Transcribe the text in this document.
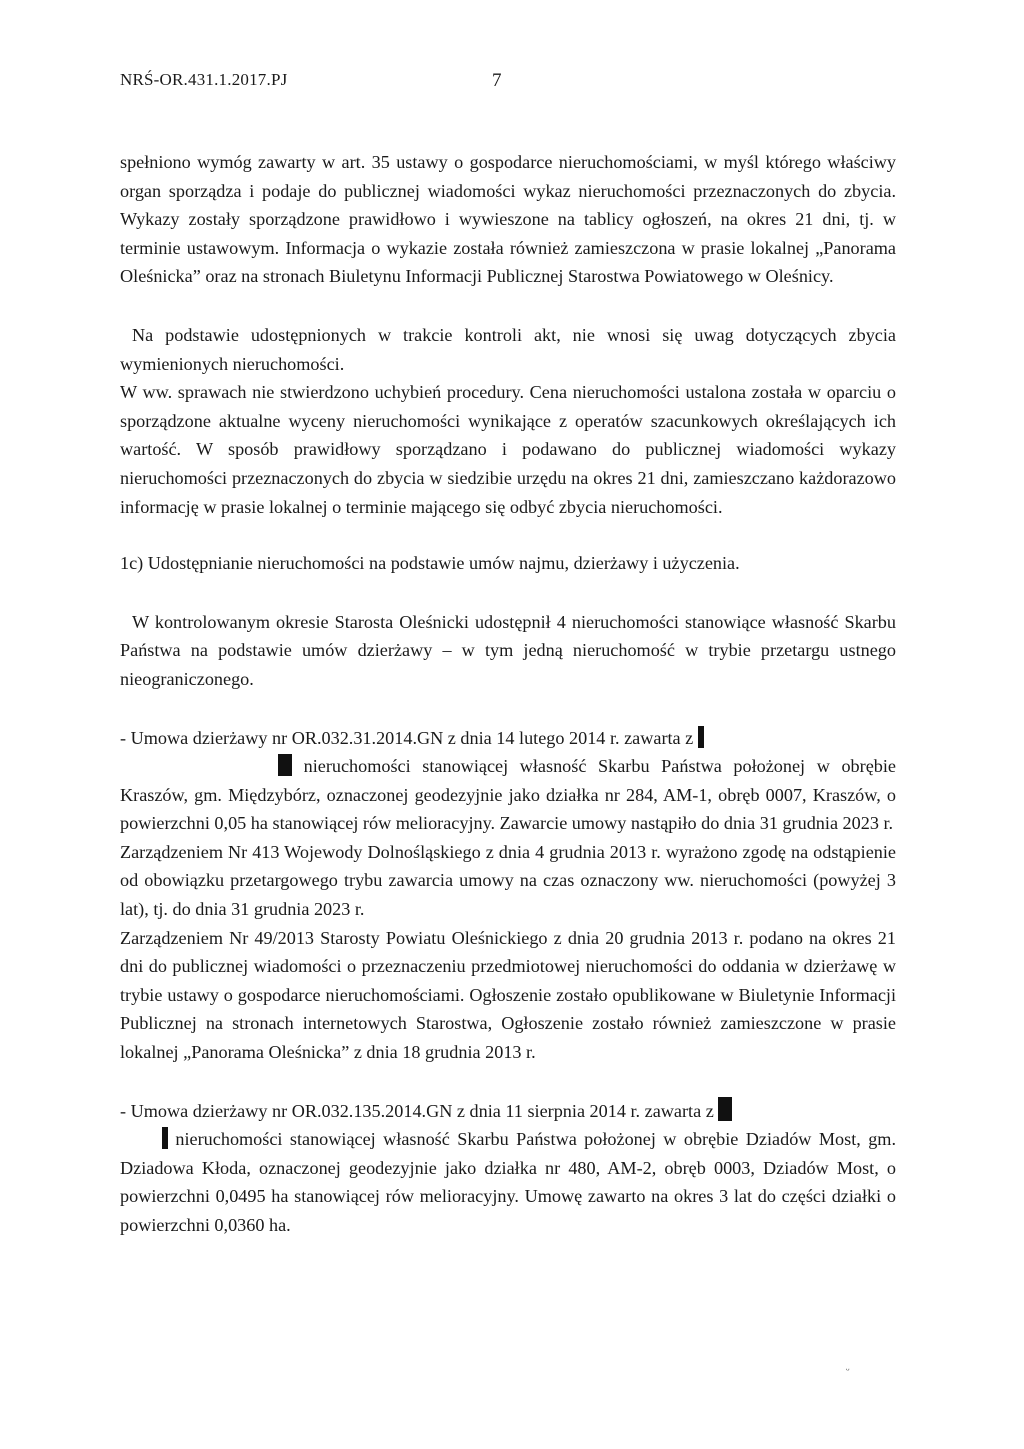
NRŚ-OR.431.1.2017.PJ	7

spełniono wymóg zawarty w art. 35 ustawy o gospodarce nieruchomościami, w myśl którego właściwy organ sporządza i podaje do publicznej wiadomości wykaz nieruchomości przeznaczonych do zbycia. Wykazy zostały sporządzone prawidłowo i wywieszone na tablicy ogłoszeń, na okres 21 dni, tj. w terminie ustawowym. Informacja o wykazie została również zamieszczona w prasie lokalnej „Panorama Oleśnicka” oraz na stronach Biuletynu Informacji Publicznej Starostwa Powiatowego w Oleśnicy.

Na podstawie udostępnionych w trakcie kontroli akt, nie wnosi się uwag dotyczących zbycia wymienionych nieruchomości.

W ww. sprawach nie stwierdzono uchybień procedury. Cena nieruchomości ustalona została w oparciu o sporządzone aktualne wyceny nieruchomości wynikające z operatów szacunkowych określających ich wartość. W sposób prawidłowy sporządzano i podawano do publicznej wiadomości wykazy nieruchomości przeznaczonych do zbycia w siedzibie urzędu na okres 21 dni, zamieszczano każdorazowo informację w prasie lokalnej o terminie mającego się odbyć zbycia nieruchomości.

1c) Udostępnianie nieruchomości na podstawie umów najmu, dzierżawy i użyczenia.

W kontrolowanym okresie Starosta Oleśnicki udostępnił 4 nieruchomości stanowiące własność Skarbu Państwa na podstawie umów dzierżawy – w tym jedną nieruchomość w trybie przetargu ustnego nieograniczonego.

- Umowa dzierżawy nr OR.032.31.2014.GN z dnia 14 lutego 2014 r. zawarta z
nieruchomości stanowiącej własność Skarbu Państwa położonej w obrębie Kraszów, gm. Międzybórz, oznaczonej geodezyjnie jako działka nr 284, AM-1, obręb 0007, Kraszów, o powierzchni 0,05 ha stanowiącej rów melioracyjny. Zawarcie umowy nastąpiło do dnia 31 grudnia 2023 r.

Zarządzeniem Nr 413 Wojewody Dolnośląskiego z dnia 4 grudnia 2013 r. wyrażono zgodę na odstąpienie od obowiązku przetargowego trybu zawarcia umowy na czas oznaczony ww. nieruchomości (powyżej 3 lat), tj. do dnia 31 grudnia 2023 r.

Zarządzeniem Nr 49/2013 Starosty Powiatu Oleśnickiego z dnia 20 grudnia 2013 r. podano na okres 21 dni do publicznej wiadomości o przeznaczeniu przedmiotowej nieruchomości do oddania w dzierżawę w trybie ustawy o gospodarce nieruchomościami. Ogłoszenie zostało opublikowane w Biuletynie Informacji Publicznej na stronach internetowych Starostwa, Ogłoszenie zostało również zamieszczone w prasie lokalnej „Panorama Oleśnicka” z dnia 18 grudnia 2013 r.

- Umowa dzierżawy nr OR.032.135.2014.GN z dnia 11 sierpnia 2014 r. zawarta z
nieruchomości stanowiącej własność Skarbu Państwa położonej w obrębie Dziadów Most, gm. Dziadowa Kłoda, oznaczonej geodezyjnie jako działka nr 480, AM-2, obręb 0003, Dziadów Most, o powierzchni 0,0495 ha stanowiącej rów melioracyjny. Umowę zawarto na okres 3 lat do części działki o powierzchni 0,0360 ha.

ᵕ
